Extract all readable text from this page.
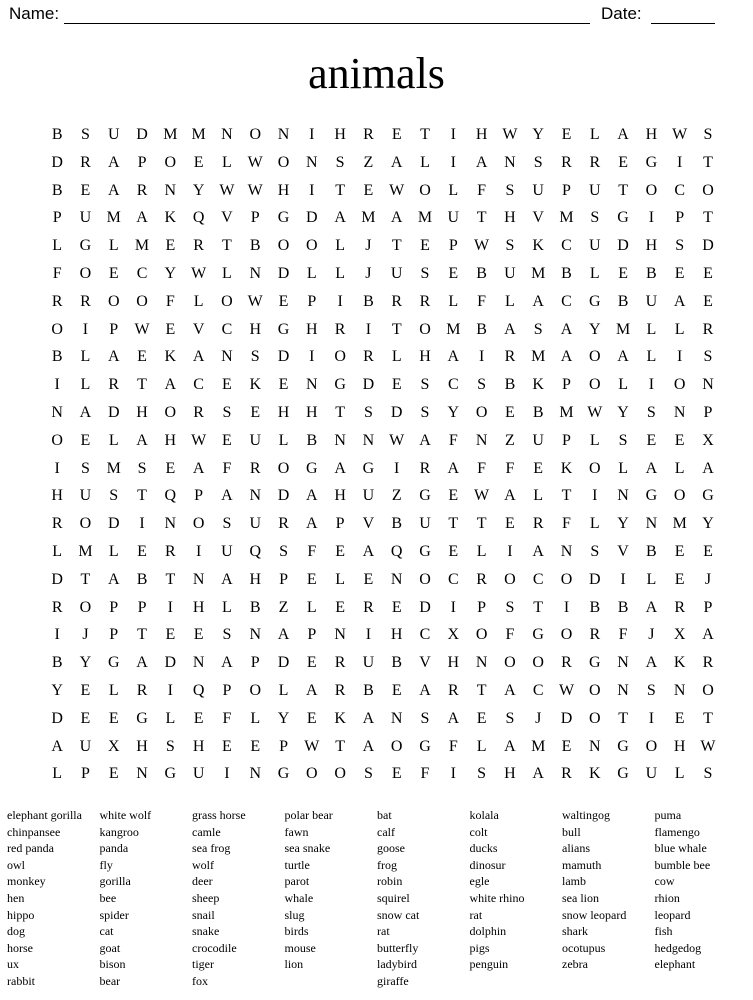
Name:	Date:
animals
B	S	U	D M M N	O	N	I	H	R	E	T	I	H W Y	E	L	A	H W	S
D	R	A	P	O	E	L W O	N	S	Z	A	L	I	A	N	S	R	R	E	G	I	T
B	E	A	R	N	Y W W H	I	T	E W O	L	F	S	U	P	U	T	O	C	O
P	U M A	K	Q	V	P	G	D	A M A M U	T	H	V M	S	G	I	P	T
L	G	L	M	E	R	T	B	O	O	L	J	T	E	P	W	S	K	C	U	D	H	S	D
F	O	E	C	Y W L	N	D	L	L	J	U	S	E	B	U M B	L	E	B	E	E
R	R	O	O	F	L	O W E	P	I	B	R	R	L	F	L	A	C	G	B	U	A	E
O	I	P	W E	V	C	H	G	H	R	I	T	O M B	A	S	A	Y M	L	L	R
B	L	A	E	K	A	N	S	D	I	O	R	L	H	A	I	R M A	O	A	L	I	S
I	L	R	T	A	C	E	K	E	N	G	D	E	S	C	S	B	K	P	O	L	I	O	N
N	A	D	H	O	R	S	E	H	H	T	S	D	S	Y	O	E	B M W Y	S	N	P
O	E	L	A	H W E	U	L	B	N	N W A	F	N	Z	U	P	L	S	E	E	X
I	S	M	S	E	A	F	R	O	G	A	G	I	R	A	F	F	E	K	O	L	A	L	A
H	U	S	T	Q	P	A	N	D	A	H	U	Z	G	E W A	L	T	I	N	G	O	G
R	O	D	I	N	O	S	U	R	A	P	V	B	U	T	T	E	R	F	L	Y	N M Y
L	M	L	E	R	I	U	Q	S	F	E	A	Q	G	E	L	I	A	N	S	V	B	E	E
D	T	A	B	T	N	A	H	P	E	L	E	N	O	C	R	O	C	O	D	I	L	E	J
R	O	P	P	I	H	L	B	Z	L	E	R	E	D	I	P	S	T	I	B	B	A	R	P
I	J	P	T	E	E	S	N	A	P	N	I	H	C	X	O	F	G	O	R	F	J	X	A
B	Y	G	A	D	N	A	P	D	E	R	U	B	V	H	N	O	O	R	G	N	A	K	R
Y	E	L	R	I	Q	P	O	L	A	R	B	E	A	R	T	A	C W O	N	S	N	O
D	E	E	G	L	E	F	L	Y	E	K	A	N	S	A	E	S	J	D	O	T	I	E	T
A	U	X	H	S	H	E	E	P	W T	A	O	G	F	L	A M	E	N	G	O	H W
L	P	E	N	G	U	I	N	G	O	O	S	E	F	I	S	H	A	R	K	G	U	L	S
elephant gorilla
chinpansee
red panda
owl
monkey
hen
hippo
dog
horse
ux
rabbit
white wolf
kangroo
panda
fly
gorilla
bee
spider
cat
goat
bison
bear
grass horse
camle
sea frog
wolf
deer
sheep
snail
snake
crocodile
tiger
fox
polar bear
fawn
sea snake
turtle
parot
whale
slug
birds
mouse
lion
bat
calf
goose
frog
robin
squirel
snow cat
rat
butterfly
ladybird
giraffe
kolala
colt
ducks
dinosur
egle
white rhino
rat
dolphin
pigs
penguin
waltingog
bull
alians
mamuth
lamb
sea lion
snow leopard
shark
ocotupus
zebra
puma
flamengo
blue whale
bumble bee
cow
rhion
leopard
fish
hedgedog
elephant
